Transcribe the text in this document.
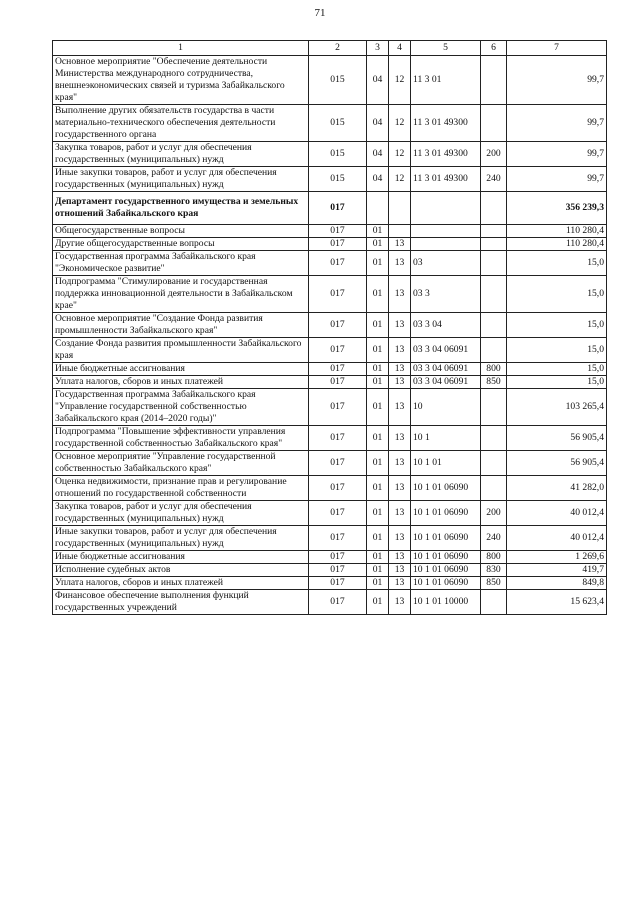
71
1	2	3	4	5	6	7
Основное мероприятие "Обеспечение деятельности Министерства международного сотрудничества, внешнеэкономических связей и туризма Забайкальского края"	015	04	12	11 3 01		99,7
Выполнение других обязательств государства в части материально-технического обеспечения деятельности государственного органа	015	04	12	11 3 01 49300		99,7
Закупка товаров, работ и услуг для обеспечения государственных (муниципальных) нужд	015	04	12	11 3 01 49300	200	99,7
Иные закупки товаров, работ и услуг для обеспечения государственных (муниципальных) нужд	015	04	12	11 3 01 49300	240	99,7
Департамент государственного имущества и земельных отношений Забайкальского края	017					356 239,3
Общегосударственные вопросы	017	01				110 280,4
Другие общегосударственные вопросы	017	01	13			110 280,4
Государственная программа Забайкальского края "Экономическое развитие"	017	01	13	03		15,0
Подпрограмма "Стимулирование и государственная поддержка инновационной деятельности в Забайкальском крае"	017	01	13	03 3		15,0
Основное мероприятие "Создание Фонда развития промышленности Забайкальского края"	017	01	13	03 3 04		15,0
Создание Фонда развития промышленности Забайкальского края	017	01	13	03 3 04 06091		15,0
Иные бюджетные ассигнования	017	01	13	03 3 04 06091	800	15,0
Уплата налогов, сборов и иных платежей	017	01	13	03 3 04 06091	850	15,0
Государственная программа Забайкальского края "Управление государственной собственностью Забайкальского края (2014–2020 годы)"	017	01	13	10		103 265,4
Подпрограмма "Повышение эффективности управления государственной собственностью Забайкальского края"	017	01	13	10 1		56 905,4
Основное мероприятие "Управление государственной собственностью Забайкальского края"	017	01	13	10 1 01		56 905,4
Оценка недвижимости, признание прав и регулирование отношений по государственной собственности	017	01	13	10 1 01 06090		41 282,0
Закупка товаров, работ и услуг для обеспечения государственных (муниципальных) нужд	017	01	13	10 1 01 06090	200	40 012,4
Иные закупки товаров, работ и услуг для обеспечения государственных (муниципальных) нужд	017	01	13	10 1 01 06090	240	40 012,4
Иные бюджетные ассигнования	017	01	13	10 1 01 06090	800	1 269,6
Исполнение судебных актов	017	01	13	10 1 01 06090	830	419,7
Уплата налогов, сборов и иных платежей	017	01	13	10 1 01 06090	850	849,8
Финансовое обеспечение выполнения функций государственных учреждений	017	01	13	10 1 01 10000		15 623,4
